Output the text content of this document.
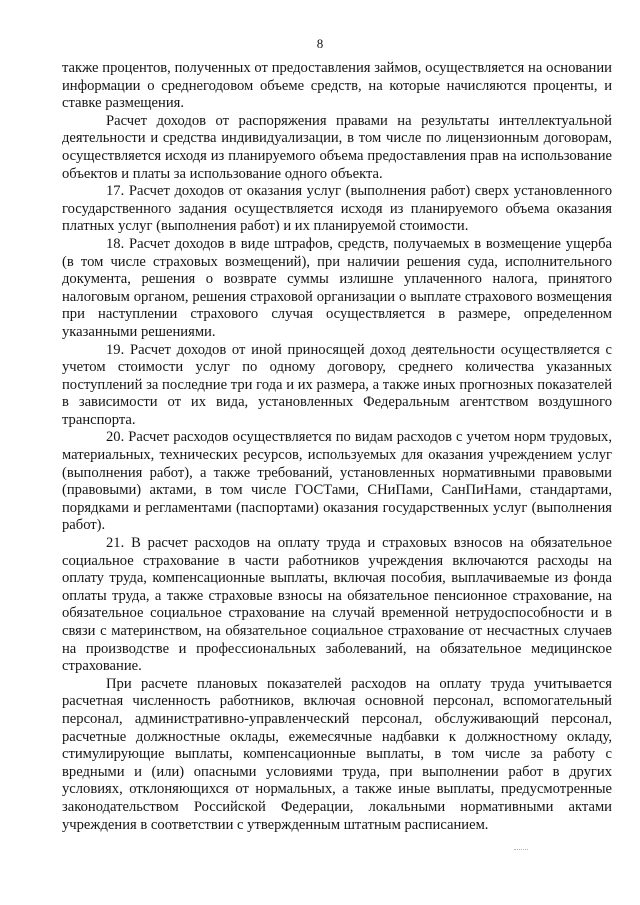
8

также процентов, полученных от предоставления займов, осуществляется на основании информации о среднегодовом объеме средств, на которые начисляются проценты, и ставке размещения.

Расчет доходов от распоряжения правами на результаты интеллектуальной деятельности и средства индивидуализации, в том числе по лицензионным договорам, осуществляется исходя из планируемого объема предоставления прав на использование объектов и платы за использование одного объекта.

17. Расчет доходов от оказания услуг (выполнения работ) сверх установленного государственного задания осуществляется исходя из планируемого объема оказания платных услуг (выполнения работ) и их планируемой стоимости.

18. Расчет доходов в виде штрафов, средств, получаемых в возмещение ущерба (в том числе страховых возмещений), при наличии решения суда, исполнительного документа, решения о возврате суммы излишне уплаченного налога, принятого налоговым органом, решения страховой организации о выплате страхового возмещения при наступлении страхового случая осуществляется в размере, определенном указанными решениями.

19. Расчет доходов от иной приносящей доход деятельности осуществляется с учетом стоимости услуг по одному договору, среднего количества указанных поступлений за последние три года и их размера, а также иных прогнозных показателей в зависимости от их вида, установленных Федеральным агентством воздушного транспорта.

20. Расчет расходов осуществляется по видам расходов с учетом норм трудовых, материальных, технических ресурсов, используемых для оказания учреждением услуг (выполнения работ), а также требований, установленных нормативными правовыми (правовыми) актами, в том числе ГОСТами, СНиПами, СанПиНами, стандартами, порядками и регламентами (паспортами) оказания государственных услуг (выполнения работ).

21. В расчет расходов на оплату труда и страховых взносов на обязательное социальное страхование в части работников учреждения включаются расходы на оплату труда, компенсационные выплаты, включая пособия, выплачиваемые из фонда оплаты труда, а также страховые взносы на обязательное пенсионное страхование, на обязательное социальное страхование на случай временной нетрудоспособности и в связи с материнством, на обязательное социальное страхование от несчастных случаев на производстве и профессиональных заболеваний, на обязательное медицинское страхование.

При расчете плановых показателей расходов на оплату труда учитывается расчетная численность работников, включая основной персонал, вспомогательный персонал, административно-управленческий персонал, обслуживающий персонал, расчетные должностные оклады, ежемесячные надбавки к должностному окладу, стимулирующие выплаты, компенсационные выплаты, в том числе за работу с вредными и (или) опасными условиями труда, при выполнении работ в других условиях, отклоняющихся от нормальных, а также иные выплаты, предусмотренные законодательством Российской Федерации, локальными нормативными актами учреждения в соответствии с утвержденным штатным расписанием.
